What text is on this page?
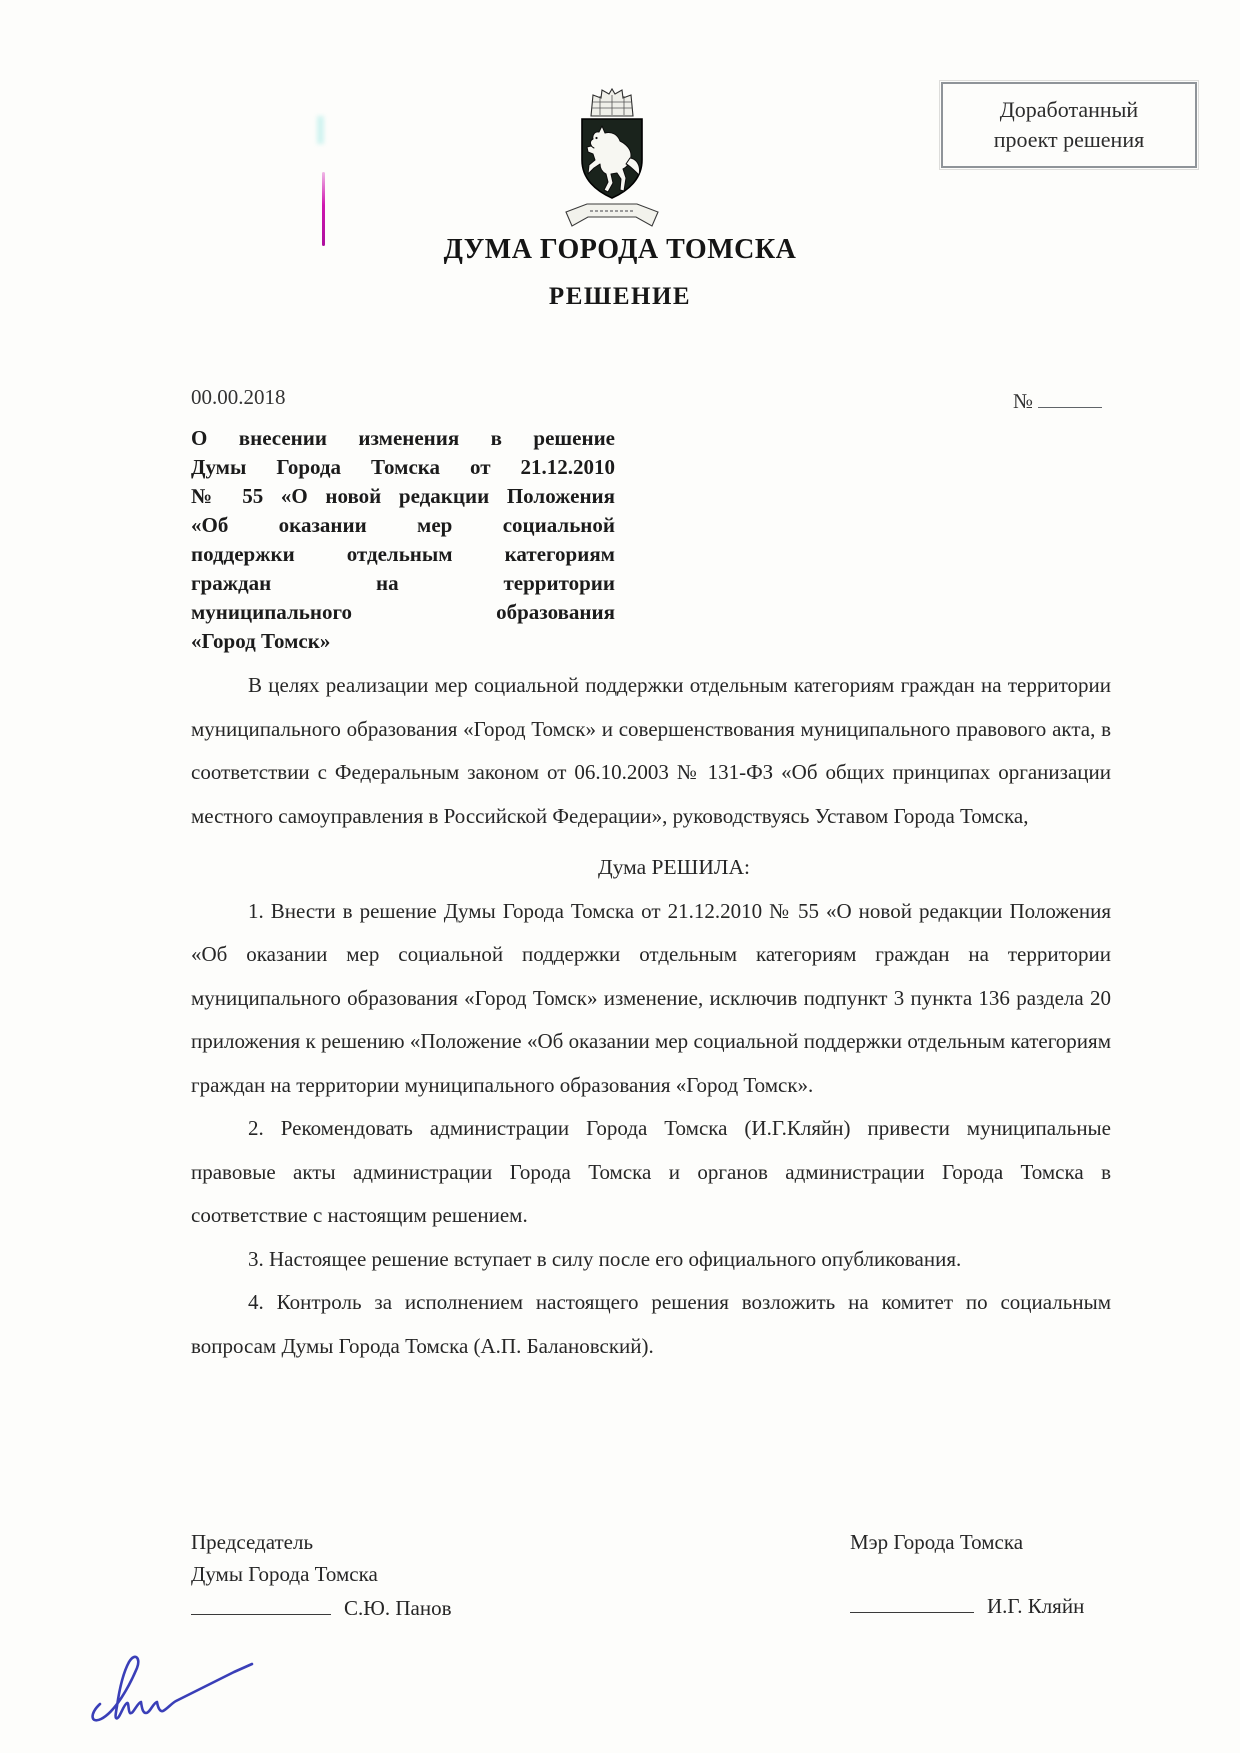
Доработанный
проект решения
ДУМА ГОРОДА ТОМСКА
РЕШЕНИЕ
00.00.2018	№
О внесении изменения в решение
Думы Города Томска от 21.12.2010
№ 55 «О новой редакции Положения
«Об оказании мер социальной
поддержки отдельным категориям
граждан на территории
муниципального образования
«Город Томск»

В целях реализации мер социальной поддержки отдельным категориям граждан на территории муниципального образования «Город Томск» и совершенствования муниципального правового акта, в соответствии с Федеральным законом от 06.10.2003 № 131-ФЗ «Об общих принципах организации местного самоуправления в Российской Федерации», руководствуясь Уставом Города Томска,

Дума РЕШИЛА:

1. Внести в решение Думы Города Томска от 21.12.2010 № 55 «О новой редакции Положения «Об оказании мер социальной поддержки отдельным категориям граждан на территории муниципального образования «Город Томск» изменение, исключив подпункт 3 пункта 136 раздела 20 приложения к решению «Положение «Об оказании мер социальной поддержки отдельным категориям граждан на территории муниципального образования «Город Томск».

2. Рекомендовать администрации Города Томска (И.Г.Кляйн) привести муниципальные правовые акты администрации Города Томска и органов администрации Города Томска в соответствие с настоящим решением.

3. Настоящее решение вступает в силу после его официального опубликования.

4. Контроль за исполнением настоящего решения возложить на комитет по социальным вопросам Думы Города Томска (А.П. Балановский).

Председатель
Думы Города Томска
С.Ю. Панов
Мэр Города Томска
И.Г. Кляйн
